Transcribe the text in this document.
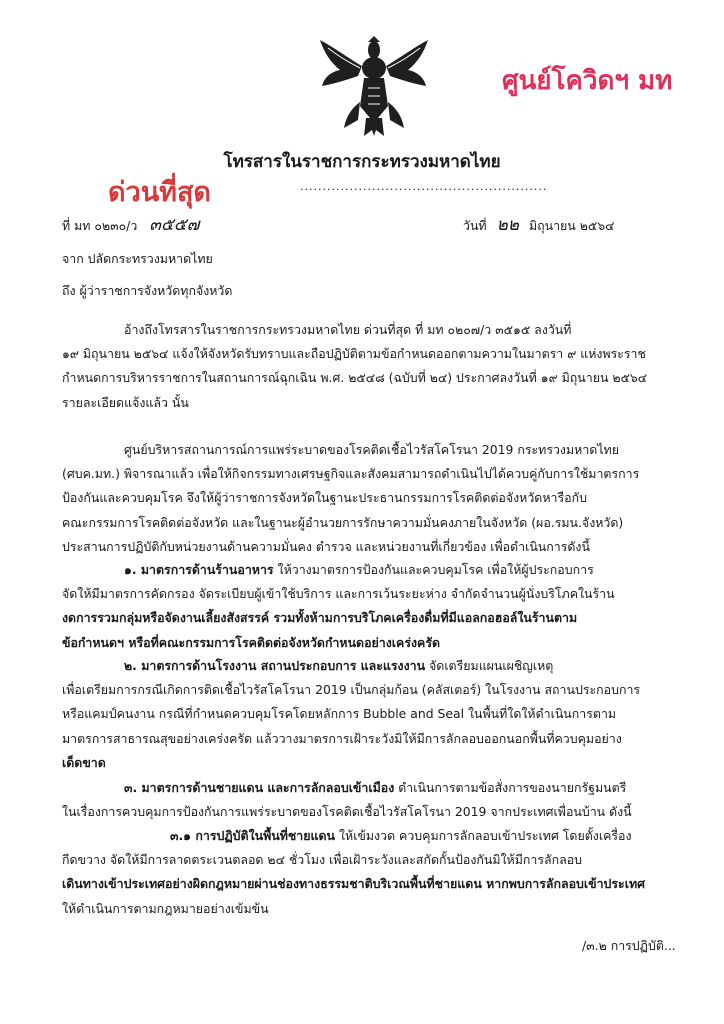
ศูนย์โควิดฯ มท
โทรสารในราชการกระทรวงมหาดไทย
ด่วนที่สุด	.......................................................
ที่ มท ๐๒๓๐/ว ๓๕๕๗	วันที่ ๒๒ มิถุนายน ๒๕๖๔
จาก ปลัดกระทรวงมหาดไทย
ถึง ผู้ว่าราชการจังหวัดทุกจังหวัด
อ้างถึงโทรสารในราชการกระทรวงมหาดไทย ด่วนที่สุด ที่ มท ๐๒๐๗/ว ๓๕๑๕ ลงวันที่
๑๙ มิถุนายน ๒๕๖๔ แจ้งให้จังหวัดรับทราบและถือปฏิบัติตามข้อกำหนดออกตามความในมาตรา ๙ แห่งพระราช
กำหนดการบริหารราชการในสถานการณ์ฉุกเฉิน พ.ศ. ๒๕๔๘ (ฉบับที่ ๒๔) ประกาศลงวันที่ ๑๙ มิถุนายน ๒๕๖๔
รายละเอียดแจ้งแล้ว นั้น
ศูนย์บริหารสถานการณ์การแพร่ระบาดของโรคติดเชื้อไวรัสโคโรนา 2019 กระทรวงมหาดไทย
(ศบค.มท.) พิจารณาแล้ว เพื่อให้กิจกรรมทางเศรษฐกิจและสังคมสามารถดำเนินไปได้ควบคู่กับการใช้มาตรการ
ป้องกันและควบคุมโรค จึงให้ผู้ว่าราชการจังหวัดในฐานะประธานกรรมการโรคติดต่อจังหวัดหารือกับ
คณะกรรมการโรคติดต่อจังหวัด และในฐานะผู้อำนวยการรักษาความมั่นคงภายในจังหวัด (ผอ.รมน.จังหวัด)
ประสานการปฏิบัติกับหน่วยงานด้านความมั่นคง ตำรวจ และหน่วยงานที่เกี่ยวข้อง เพื่อดำเนินการดังนี้
๑. มาตรการด้านร้านอาหาร ให้วางมาตรการป้องกันและควบคุมโรค เพื่อให้ผู้ประกอบการ
จัดให้มีมาตรการคัดกรอง จัดระเบียบผู้เข้าใช้บริการ และการเว้นระยะห่าง จำกัดจำนวนผู้นั่งบริโภคในร้าน
งดการรวมกลุ่มหรือจัดงานเลี้ยงสังสรรค์ รวมทั้งห้ามการบริโภคเครื่องดื่มที่มีแอลกอฮอล์ในร้านตาม
ข้อกำหนดฯ หรือที่คณะกรรมการโรคติดต่อจังหวัดกำหนดอย่างเคร่งครัด
๒. มาตรการด้านโรงงาน สถานประกอบการ และแรงงาน จัดเตรียมแผนเผชิญเหตุ
เพื่อเตรียมการกรณีเกิดการติดเชื้อไวรัสโคโรนา 2019 เป็นกลุ่มก้อน (คลัสเตอร์) ในโรงงาน สถานประกอบการ
หรือแคมป์คนงาน กรณีที่กำหนดควบคุมโรคโดยหลักการ Bubble and Seal ในพื้นที่ใดให้ดำเนินการตาม
มาตรการสาธารณสุขอย่างเคร่งครัด แล้ววางมาตรการเฝ้าระวังมิให้มีการลักลอบออกนอกพื้นที่ควบคุมอย่าง
เด็ดขาด
๓. มาตรการด้านชายแดน และการลักลอบเข้าเมือง ดำเนินการตามข้อสั่งการของนายกรัฐมนตรี
ในเรื่องการควบคุมการป้องกันการแพร่ระบาดของโรคติดเชื้อไวรัสโคโรนา 2019 จากประเทศเพื่อนบ้าน ดังนี้
๓.๑ การปฏิบัติในพื้นที่ชายแดน ให้เข้มงวด ควบคุมการลักลอบเข้าประเทศ โดยตั้งเครื่อง
กีดขวาง จัดให้มีการลาดตระเวนตลอด ๒๔ ชั่วโมง เพื่อเฝ้าระวังและสกัดกั้นป้องกันมิให้มีการลักลอบ
เดินทางเข้าประเทศอย่างผิดกฎหมายผ่านช่องทางธรรมชาติบริเวณพื้นที่ชายแดน หากพบการลักลอบเข้าประเทศ
ให้ดำเนินการตามกฎหมายอย่างเข้มข้น
/๓.๒ การปฏิบัติ...
